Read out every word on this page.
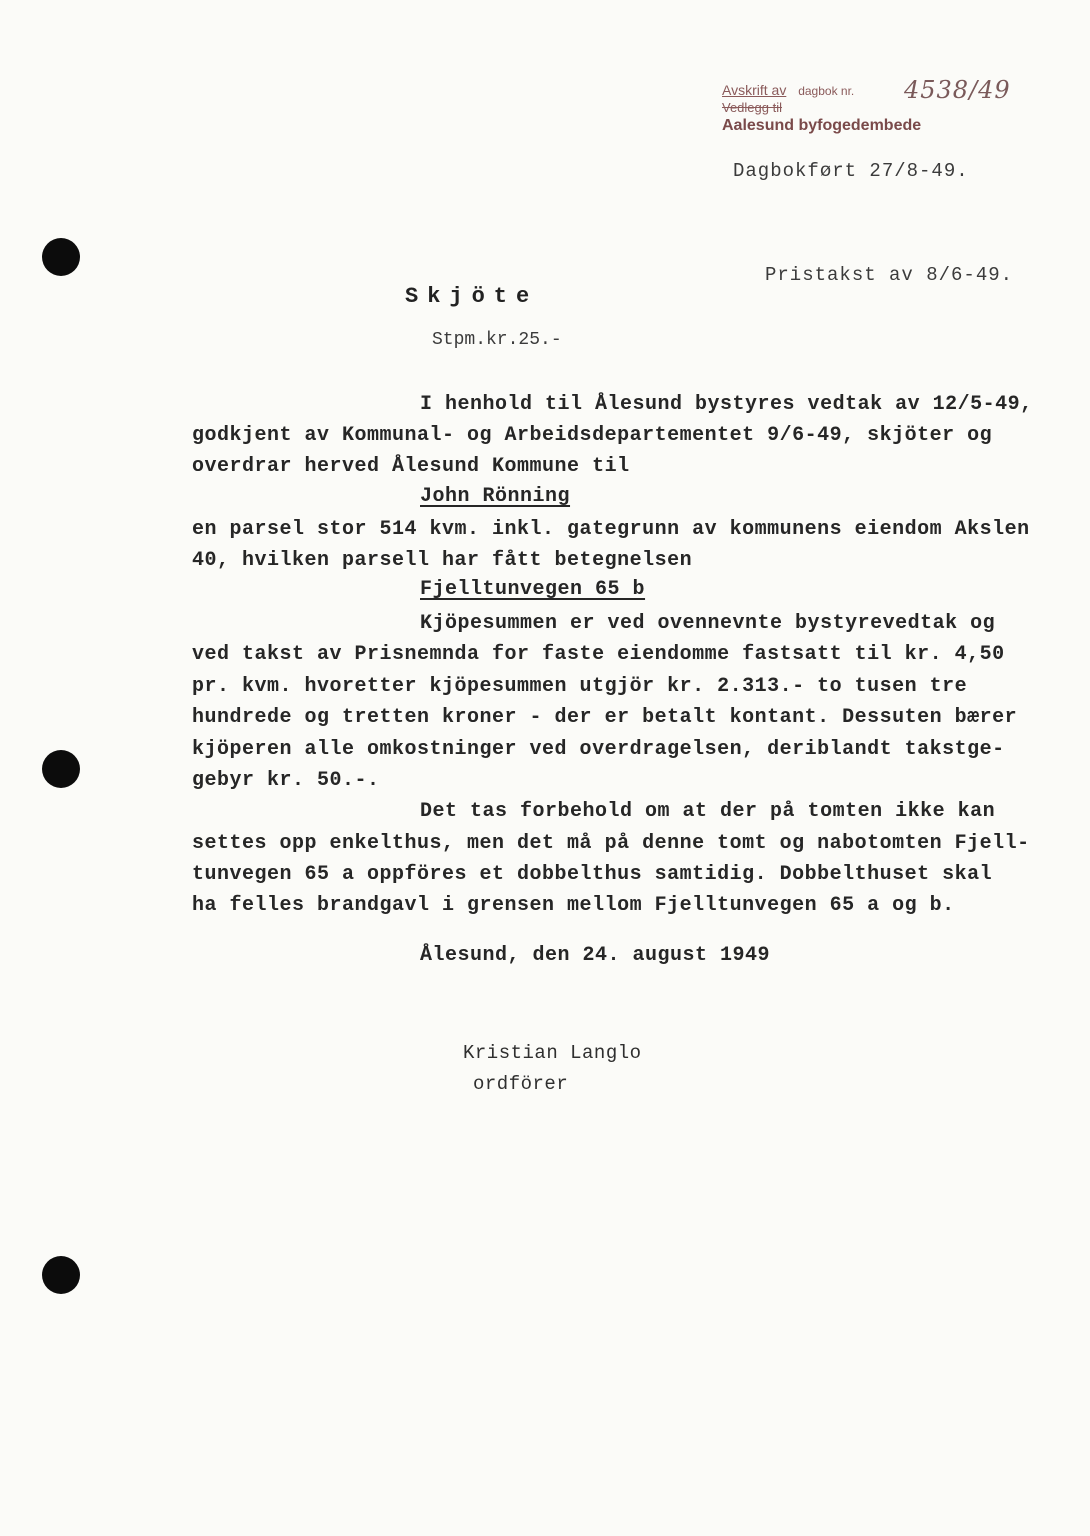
Avskrift av dagbok nr.	4538/49
Vedlegg til
Aalesund byfogedembede
Dagbokført 27/8-49.
Pristakst av 8/6-49.
Skjöte
Stpm.kr.25.-
I henhold til Ålesund bystyres vedtak av 12/5-49,
godkjent av Kommunal- og Arbeidsdepartementet 9/6-49, skjöter og
overdrar herved Ålesund Kommune til
John Rönning
en parsel stor 514 kvm. inkl. gategrunn av kommunens eiendom Akslen
40, hvilken parsell har fått betegnelsen
Fjelltunvegen 65 b
Kjöpesummen er ved ovennevnte bystyrevedtak og
ved takst av Prisnemnda for faste eiendomme fastsatt til kr. 4,50
pr. kvm. hvoretter kjöpesummen utgjör kr. 2.313.- to tusen tre
hundrede og tretten kroner - der er betalt kontant. Dessuten bærer
kjöperen alle omkostninger ved overdragelsen, deriblandt takstge-
gebyr kr. 50.-.
Det tas forbehold om at der på tomten ikke kan
settes opp enkelthus, men det må på denne tomt og nabotomten Fjell-
tunvegen 65 a oppföres et dobbelthus samtidig. Dobbelthuset skal
ha felles brandgavl i grensen mellom Fjelltunvegen 65 a og b.
Ålesund, den 24. august 1949
Kristian Langlo
ordförer
